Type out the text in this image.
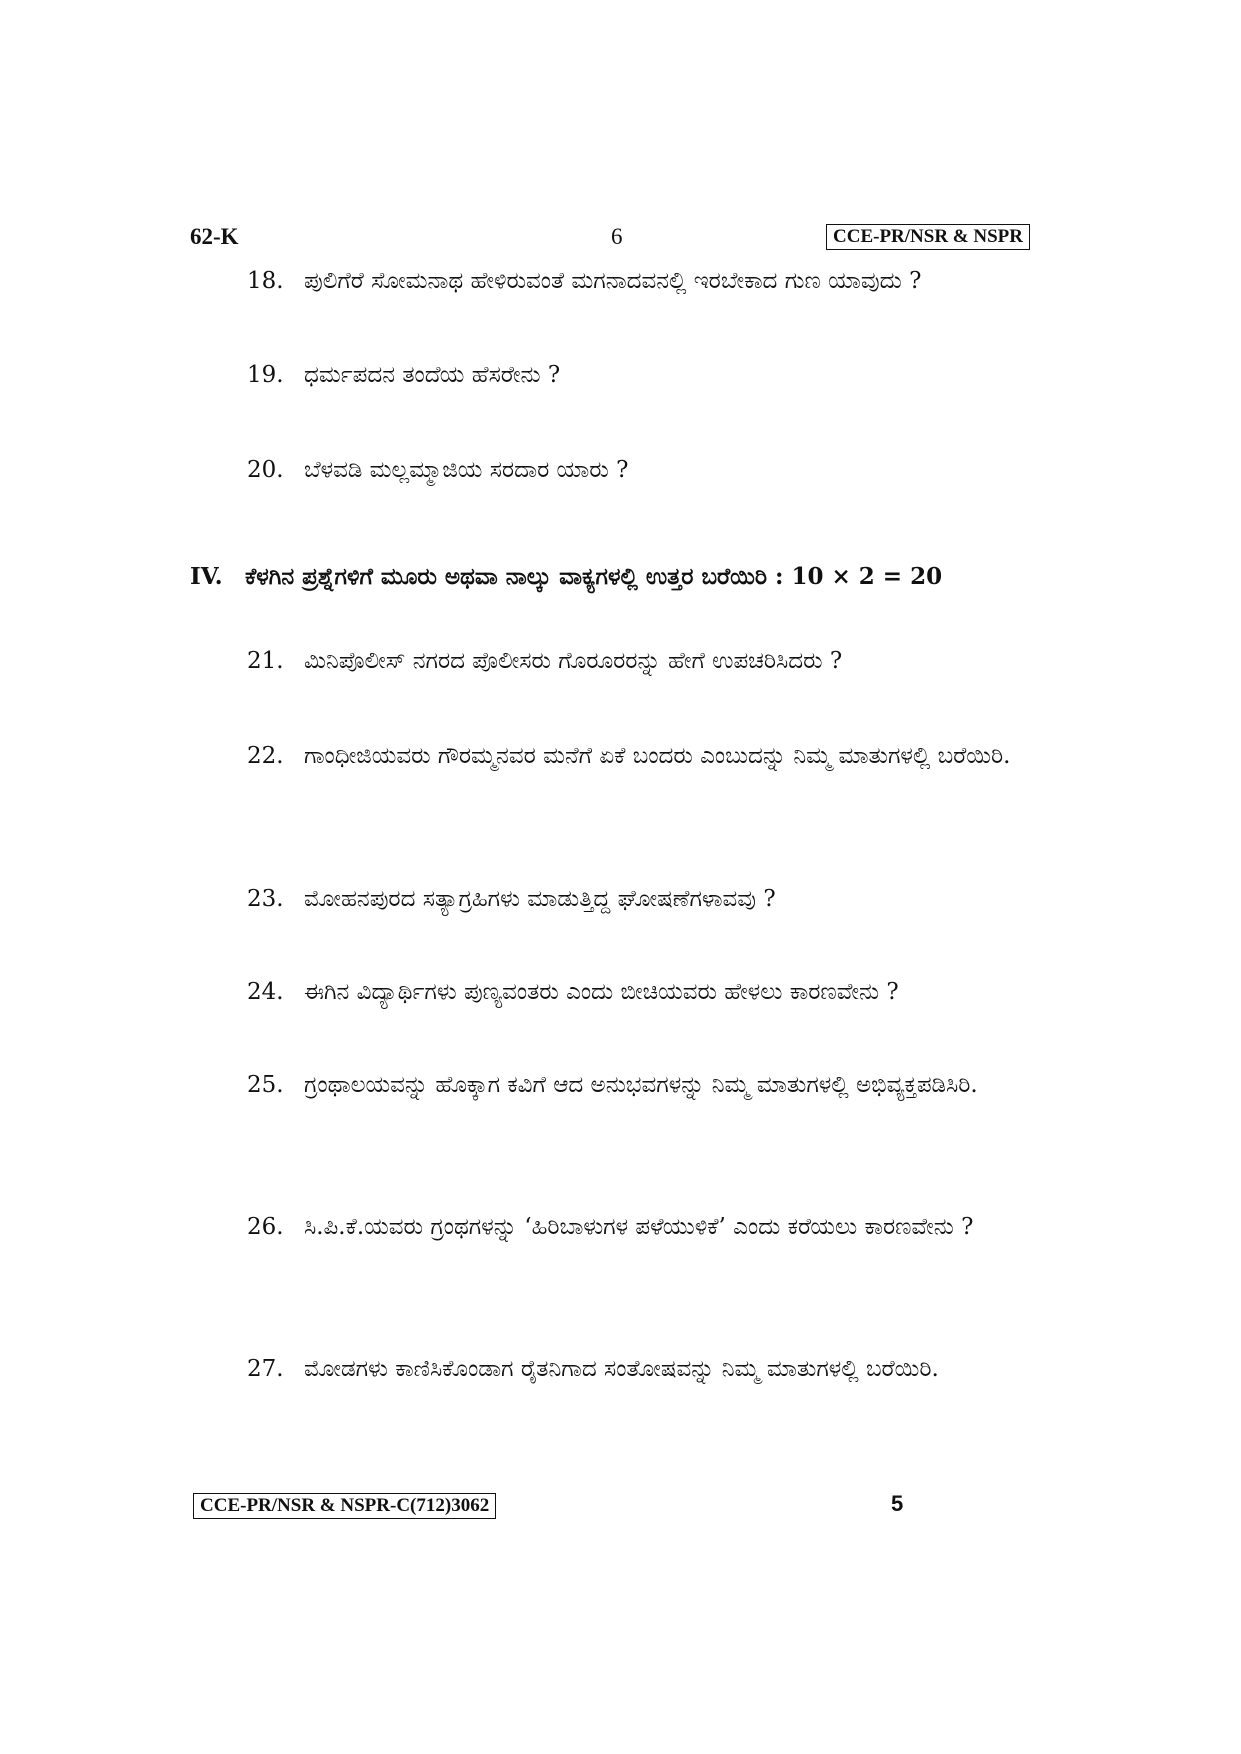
62-K	6	CCE-PR/NSR & NSPR
18. ಪುಲಿಗೆರೆ ಸೋಮನಾಥ ಹೇಳಿರುವಂತೆ ಮಗನಾದವನಲ್ಲಿ ಇರಬೇಕಾದ ಗುಣ ಯಾವುದು ?
19. ಧರ್ಮಪದನ ತಂದೆಯ ಹೆಸರೇನು ?
20. ಬೆಳವಡಿ ಮಲ್ಲಮ್ಮಾಜಿಯ ಸರದಾರ ಯಾರು ?
IV. ಕೆಳಗಿನ ಪ್ರಶ್ನೆಗಳಿಗೆ ಮೂರು ಅಥವಾ ನಾಲ್ಕು ವಾಕ್ಯಗಳಲ್ಲಿ ಉತ್ತರ ಬರೆಯಿರಿ : 10 × 2 = 20
21. ಮಿನಿಪೊಲೀಸ್ ನಗರದ ಪೊಲೀಸರು ಗೊರೂರರನ್ನು ಹೇಗೆ ಉಪಚರಿಸಿದರು ?
22. ಗಾಂಧೀಜಿಯವರು ಗೌರಮ್ಮನವರ ಮನೆಗೆ ಏಕೆ ಬಂದರು ಎಂಬುದನ್ನು ನಿಮ್ಮ ಮಾತುಗಳಲ್ಲಿ ಬರೆಯಿರಿ.
23. ಮೋಹನಪುರದ ಸತ್ಯಾಗ್ರಹಿಗಳು ಮಾಡುತ್ತಿದ್ದ ಘೋಷಣೆಗಳಾವವು ?
24. ಈಗಿನ ವಿದ್ಯಾರ್ಥಿಗಳು ಪುಣ್ಯವಂತರು ಎಂದು ಬೀಚಿಯವರು ಹೇಳಲು ಕಾರಣವೇನು ?
25. ಗ್ರಂಥಾಲಯವನ್ನು ಹೊಕ್ಕಾಗ ಕವಿಗೆ ಆದ ಅನುಭವಗಳನ್ನು ನಿಮ್ಮ ಮಾತುಗಳಲ್ಲಿ ಅಭಿವ್ಯಕ್ತಪಡಿಸಿರಿ.
26. ಸಿ.ಪಿ.ಕೆ.ಯವರು ಗ್ರಂಥಗಳನ್ನು ‘ಹಿರಿಬಾಳುಗಳ ಪಳೆಯುಳಿಕೆ’ ಎಂದು ಕರೆಯಲು ಕಾರಣವೇನು ?
27. ಮೋಡಗಳು ಕಾಣಿಸಿಕೊಂಡಾಗ ರೈತನಿಗಾದ ಸಂತೋಷವನ್ನು ನಿಮ್ಮ ಮಾತುಗಳಲ್ಲಿ ಬರೆಯಿರಿ.
CCE-PR/NSR & NSPR-C(712)3062	5
